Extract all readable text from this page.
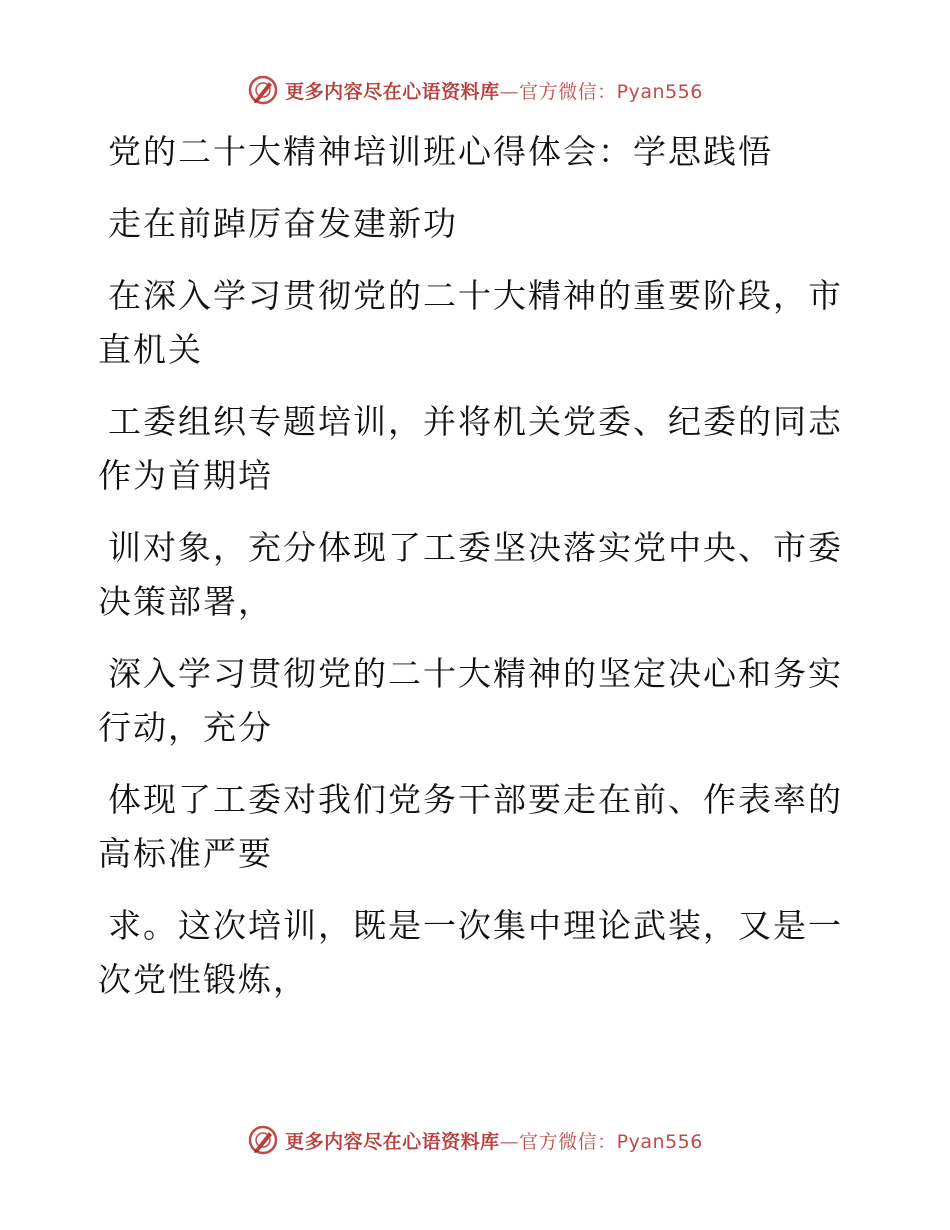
更多内容尽在心语资料库—官方微信：Pyan556

党的二十大精神培训班心得体会：学思践悟

走在前踔厉奋发建新功

在深入学习贯彻党的二十大精神的重要阶段，市
直机关

工委组织专题培训，并将机关党委、纪委的同志
作为首期培

训对象，充分体现了工委坚决落实党中央、市委
决策部署，

深入学习贯彻党的二十大精神的坚定决心和务实
行动，充分

体现了工委对我们党务干部要走在前、作表率的
高标准严要

求。这次培训，既是一次集中理论武装，又是一
次党性锻炼，

更多内容尽在心语资料库—官方微信：Pyan556
